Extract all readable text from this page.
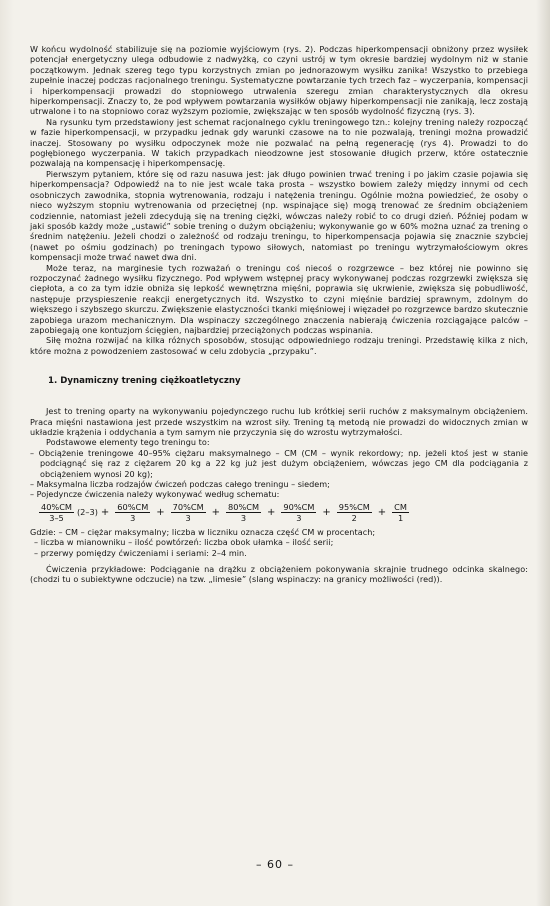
W końcu wydolność stabilizuje się na poziomie wyjściowym (rys. 2). Podczas hiperkompensacji obniżony przez wysiłek potencjał energetyczny ulega odbudowie z nadwyżką, co czyni ustrój w tym okresie bardziej wydolnym niż w stanie początkowym. Jednak szereg tego typu korzystnych zmian po jednorazowym wysiłku zanika! Wszystko to przebiega zupełnie inaczej podczas racjonalnego treningu. Systematyczne powtarzanie tych trzech faz – wyczerpania, kompensacji i hiperkompensacji prowadzi do stopniowego utrwalenia szeregu zmian charakterystycznych dla okresu hiperkompensacji. Znaczy to, że pod wpływem powtarzania wysiłków objawy hiperkompensacji nie zanikają, lecz zostają utrwalone i to na stopniowo coraz wyższym poziomie, zwiększając w ten sposób wydolność fizyczną (rys. 3).

Na rysunku tym przedstawiony jest schemat racjonalnego cyklu treningowego tzn.: kolejny trening należy rozpocząć w fazie hiperkompensacji, w przypadku jednak gdy warunki czasowe na to nie pozwalają, treningi można prowadzić inaczej. Stosowany po wysiłku odpoczynek może nie pozwalać na pełną regenerację (rys 4). Prowadzi to do pogłębionego wyczerpania. W takich przypadkach nieodzowne jest stosowanie długich przerw, które ostatecznie pozwalają na kompensację i hiperkompensację.

Pierwszym pytaniem, które się od razu nasuwa jest: jak długo powinien trwać trening i po jakim czasie pojawia się hiperkompensacja? Odpowiedź na to nie jest wcale taka prosta – wszystko bowiem zależy między innymi od cech osobniczych zawodnika, stopnia wytrenowania, rodzaju i natężenia treningu. Ogólnie można powiedzieć, że osoby o nieco wyższym stopniu wytrenowania od przeciętnej (np. wspinające się) mogą trenować ze średnim obciążeniem codziennie, natomiast jeżeli zdecydują się na trening ciężki, wówczas należy robić to co drugi dzień. Później podam w jaki sposób każdy może „ustawić” sobie trening o dużym obciążeniu; wykonywanie go w 60% można uznać za trening o średnim natężeniu. Jeżeli chodzi o zależność od rodzaju treningu, to hiperkompensacja pojawia się znacznie szybciej (nawet po ośmiu godzinach) po treningach typowo siłowych, natomiast po treningu wytrzymałościowym okres kompensacji może trwać nawet dwa dni.

Może teraz, na marginesie tych rozważań o treningu coś niecoś o rozgrzewce – bez której nie powinno się rozpoczynać żadnego wysiłku fizycznego. Pod wpływem wstępnej pracy wykonywanej podczas rozgrzewki zwiększa się ciepłota, a co za tym idzie obniża się lepkość wewnętrzna mięśni, poprawia się ukrwienie, zwiększa się pobudliwość, następuje przyspieszenie reakcji energetycznych itd. Wszystko to czyni mięśnie bardziej sprawnym, zdolnym do większego i szybszego skurczu. Zwiększenie elastyczności tkanki mięśniowej i więzadeł po rozgrzewce bardzo skutecznie zapobiega urazom mechanicznym. Dla wspinaczy szczególnego znaczenia nabierają ćwiczenia rozciągające palców – zapobiegają one kontuzjom ścięgien, najbardziej przeciążonych podczas wspinania.

Siłę można rozwijać na kilka różnych sposobów, stosując odpowiedniego rodzaju treningi. Przedstawię kilka z nich, które można z powodzeniem zastosować w celu zdobycia „przypaku”.

1. Dynamiczny trening ciężkoatletyczny

Jest to trening oparty na wykonywaniu pojedynczego ruchu lub krótkiej serii ruchów z maksymalnym obciążeniem. Praca mięśni nastawiona jest przede wszystkim na wzrost siły. Trening tą metodą nie prowadzi do widocznych zmian w układzie krążenia i oddychania a tym samym nie przyczynia się do wzrostu wytrzymałości.

Podstawowe elementy tego treningu to:

– Obciążenie treningowe 40–95% ciężaru maksymalnego – CM (CM – wynik rekordowy; np. jeżeli ktoś jest w stanie podciągnąć się raz z ciężarem 20 kg a 22 kg już jest dużym obciążeniem, wówczas jego CM dla podciągania z obciążeniem wynosi 20 kg);
– Maksymalna liczba rodzajów ćwiczeń podczas całego treningu – siedem;
– Pojedyncze ćwiczenia należy wykonywać według schematu:
$\frac{40\%CM}{3-5} (2-3) + \frac{60\%CM}{3} + \frac{70\%CM}{3} + \frac{80\%CM}{3} + \frac{90\%CM}{3} + \frac{95\%CM}{2} + \frac{CM}{1}$

Gdzie: – CM – ciężar maksymalny; liczba w liczniku oznacza część CM w procentach;

– liczba w mianowniku – ilość powtórzeń: liczba obok ułamka – ilość serii;

– przerwy pomiędzy ćwiczeniami i seriami: 2–4 min.

Ćwiczenia przykładowe: Podciąganie na drążku z obciążeniem pokonywania skrajnie trudnego odcinka skalnego: (chodzi tu o subiektywne odczucie) na tzw. „limesie” (slang wspinaczy: na granicy możliwości (red)).

– 60 –
